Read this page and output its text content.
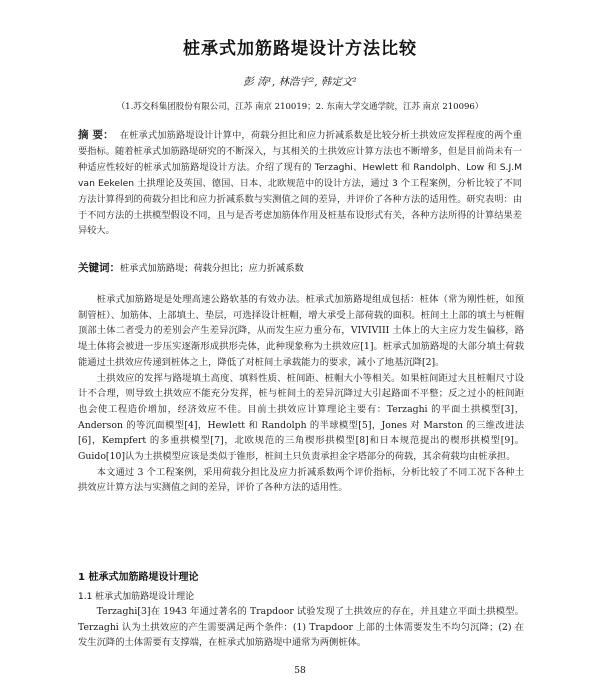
桩承式加筋路堤设计方法比较
彭 涛¹, 林浩宇², 韩定文²
（1.苏交科集团股份有限公司，江苏 南京 210019；2. 东南大学交通学院，江苏 南京 210096）
摘 要： 在桩承式加筋路堤设计计算中，荷载分担比和应力折减系数是比较分析土拱效应发挥程度的两个重要指标。随着桩承式加筋路堤研究的不断深入，与其相关的土拱效应计算方法也不断增多，但是目前尚未有一种适应性较好的桩承式加筋路堤设计方法。介绍了现有的 Terzaghi、Hewlett 和 Randolph、Low 和 S.J.M van Eekelen 土拱理论及英国、德国、日本、北欧规范中的设计方法，通过 3 个工程案例，分析比较了不同方法计算得到的荷载分担比和应力折减系数与实测值之间的差异，并评价了各种方法的适用性。研究表明：由于不同方法的土拱模型假设不同，且与是否考虑加筋体作用及桩基布设形式有关，各种方法所得的计算结果差异较大。
关键词：桩承式加筋路堤；荷载分担比；应力折减系数

桩承式加筋路堤是处理高速公路软基的有效办法。桩承式加筋路堤组成包括：桩体（常为刚性桩，如预制管桩）、加筋体、上部填土、垫层，可选择设计桩帽，增大承受上部荷载的面积。桩间土上部的填土与桩帽顶部土体二者受力的差别会产生差异沉降，从而发生应力重分布，VIVIVIII 土体上的大主应力发生偏移，路堤土体将会被进一步压实逐渐形成拱形壳体，此种现象称为土拱效应[1]。桩承式加筋路堤的大部分填土荷载能通过土拱效应传递到桩体之上，降低了对桩间土承载能力的要求，减小了地基沉降[2]。

土拱效应的发挥与路堤填土高度、填料性质、桩间距、桩帽大小等相关。如果桩间距过大且桩帽尺寸设计不合理，则导致土拱效应不能充分发挥，桩与桩间土的差异沉降过大引起路面不平整；反之过小的桩间距也会使工程造价增加，经济效应不佳。目前土拱效应计算理论主要有：Terzaghi 的平面土拱模型[3]，Anderson 的等沉面模型[4]，Hewlett 和 Randolph 的半球模型[5]，Jones 对 Marston 的三维改进法[6]，Kempfert 的多重拱模型[7]，北欧规范的三角楔形拱模型[8]和日本规范提出的楔形拱模型[9]。Guido[10]认为土拱模型应该是类似于锥形，桩间土只负责承担金字塔部分的荷载，其余荷载均由桩承担。

本文通过 3 个工程案例，采用荷载分担比及应力折减系数两个评价指标，分析比较了不同工况下各种土拱效应计算方法与实测值之间的差异，评价了各种方法的适用性。

1 桩承式加筋路堤设计理论
1.1 桩承式加筋路堤设计理论

Terzaghi[3]在 1943 年通过著名的 Trapdoor 试验发现了土拱效应的存在，并且建立平面土拱模型。Terzaghi 认为土拱效应的产生需要满足两个条件：(1) Trapdoor 上部的土体需要发生不均匀沉降；(2) 在发生沉降的土体需要有支撑端，在桩承式加筋路堤中通常为两侧桩体。

58
